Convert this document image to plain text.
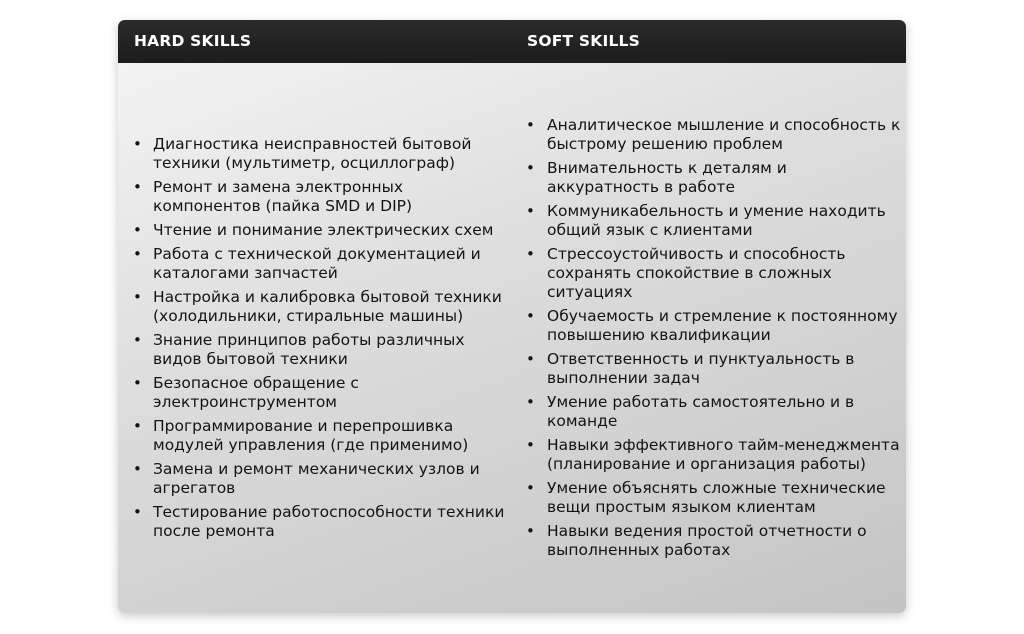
HARD SKILLS	SOFT SKILLS
• Диагностика неисправностей бытовой техники (мультиметр, осциллограф)
• Ремонт и замена электронных компонентов (пайка SMD и DIP)
• Чтение и понимание электрических схем
• Работа с технической документацией и каталогами запчастей
• Настройка и калибровка бытовой техники (холодильники, стиральные машины)
• Знание принципов работы различных видов бытовой техники
• Безопасное обращение с электроинструментом
• Программирование и перепрошивка модулей управления (где применимо)
• Замена и ремонт механических узлов и агрегатов
• Тестирование работоспособности техники после ремонта
• Аналитическое мышление и способность к быстрому решению проблем
• Внимательность к деталям и аккуратность в работе
• Коммуникабельность и умение находить общий язык с клиентами
• Стрессоустойчивость и способность сохранять спокойствие в сложных ситуациях
• Обучаемость и стремление к постоянному повышению квалификации
• Ответственность и пунктуальность в выполнении задач
• Умение работать самостоятельно и в команде
• Навыки эффективного тайм-менеджмента (планирование и организация работы)
• Умение объяснять сложные технические вещи простым языком клиентам
• Навыки ведения простой отчетности о выполненных работах
